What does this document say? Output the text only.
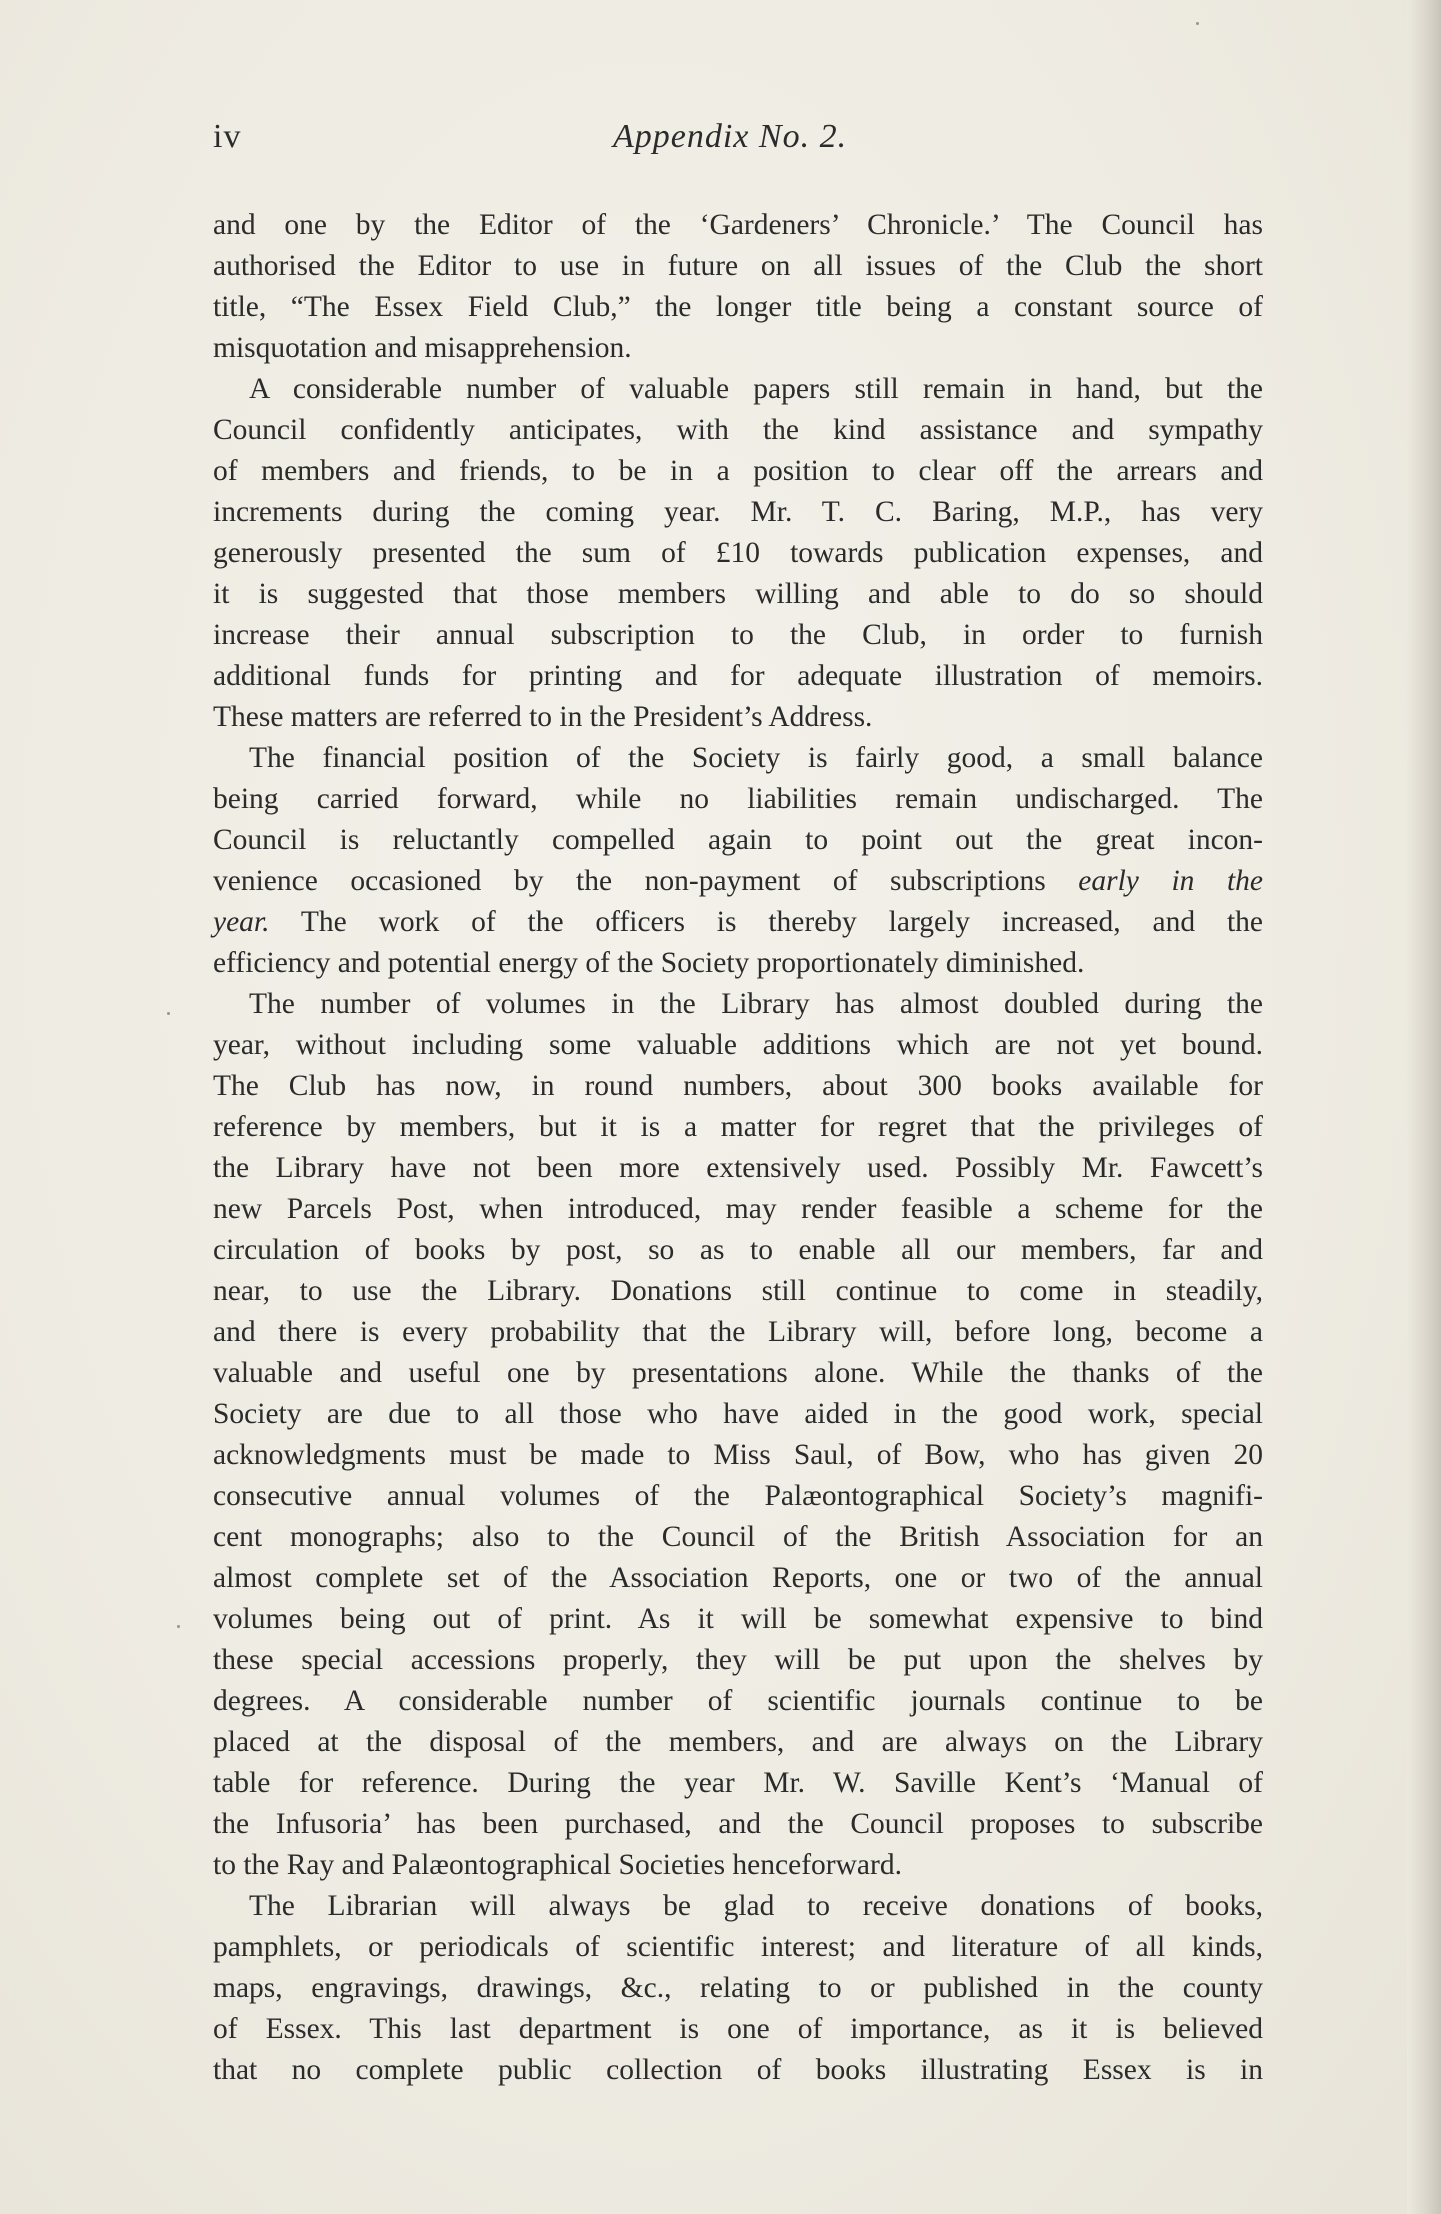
iv	Appendix No. 2.
and one by the Editor of the ‘Gardeners’ Chronicle.’ The Council has
authorised the Editor to use in future on all issues of the Club the short
title, “The Essex Field Club,” the longer title being a constant source of
misquotation and misapprehension.
A considerable number of valuable papers still remain in hand, but the
Council confidently anticipates, with the kind assistance and sympathy
of members and friends, to be in a position to clear off the arrears and
increments during the coming year. Mr. T. C. Baring, M.P., has very
generously presented the sum of £10 towards publication expenses, and
it is suggested that those members willing and able to do so should
increase their annual subscription to the Club, in order to furnish
additional funds for printing and for adequate illustration of memoirs.
These matters are referred to in the President’s Address.
The financial position of the Society is fairly good, a small balance
being carried forward, while no liabilities remain undischarged. The
Council is reluctantly compelled again to point out the great incon-
venience occasioned by the non-payment of subscriptions early in the
year. The work of the officers is thereby largely increased, and the
efficiency and potential energy of the Society proportionately diminished.
The number of volumes in the Library has almost doubled during the
year, without including some valuable additions which are not yet bound.
The Club has now, in round numbers, about 300 books available for
reference by members, but it is a matter for regret that the privileges of
the Library have not been more extensively used. Possibly Mr. Fawcett’s
new Parcels Post, when introduced, may render feasible a scheme for the
circulation of books by post, so as to enable all our members, far and
near, to use the Library. Donations still continue to come in steadily,
and there is every probability that the Library will, before long, become a
valuable and useful one by presentations alone. While the thanks of the
Society are due to all those who have aided in the good work, special
acknowledgments must be made to Miss Saul, of Bow, who has given 20
consecutive annual volumes of the Palæontographical Society’s magnifi-
cent monographs; also to the Council of the British Association for an
almost complete set of the Association Reports, one or two of the annual
volumes being out of print. As it will be somewhat expensive to bind
these special accessions properly, they will be put upon the shelves by
degrees. A considerable number of scientific journals continue to be
placed at the disposal of the members, and are always on the Library
table for reference. During the year Mr. W. Saville Kent’s ‘Manual of
the Infusoria’ has been purchased, and the Council proposes to subscribe
to the Ray and Palæontographical Societies henceforward.
The Librarian will always be glad to receive donations of books,
pamphlets, or periodicals of scientific interest; and literature of all kinds,
maps, engravings, drawings, &c., relating to or published in the county
of Essex. This last department is one of importance, as it is believed
that no complete public collection of books illustrating Essex is in
